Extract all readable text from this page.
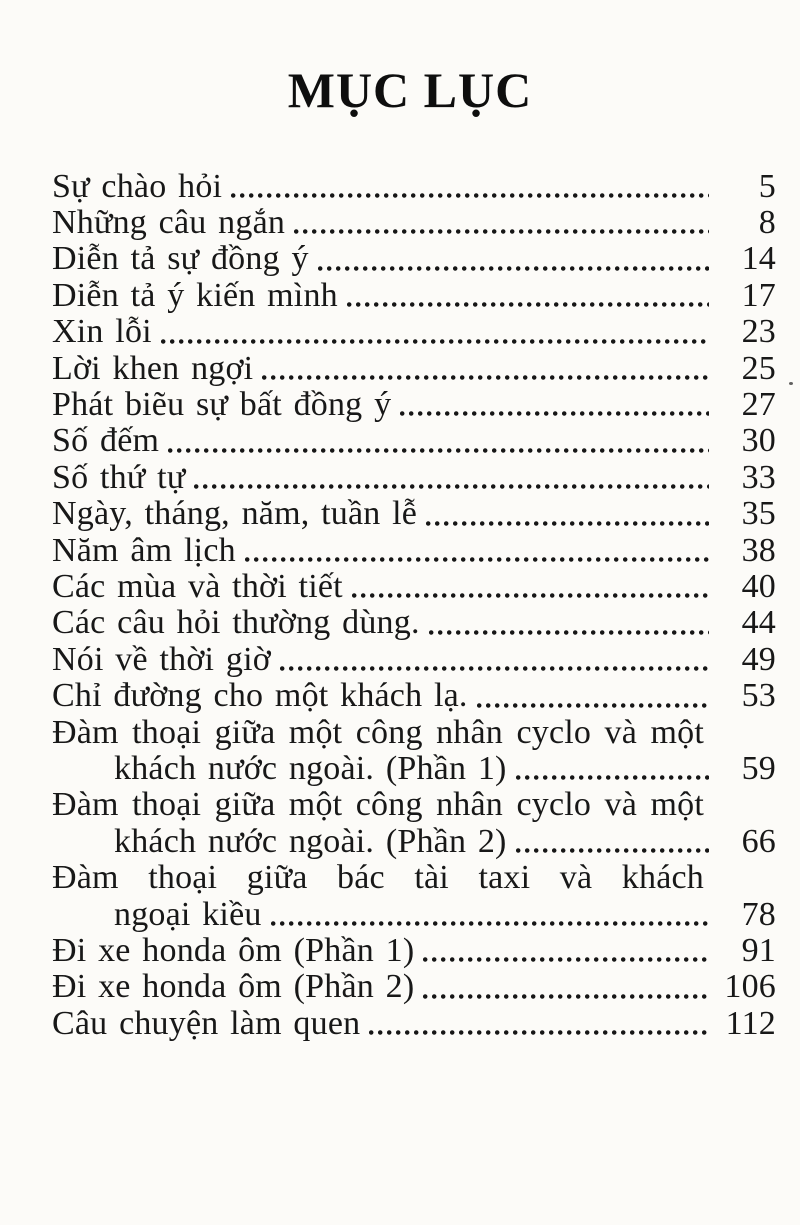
MỤC LỤC
Sự chào hỏi	5
Những câu ngắn	8
Diễn tả sự đồng ý	14
Diễn tả ý kiến mình	17
Xin lỗi	23
Lời khen ngợi	25
Phát biẽu sự bất đồng ý	27
Số đếm	30
Số thứ tự	33
Ngày, tháng, năm, tuần lễ	35
Năm âm lịch	38
Các mùa và thời tiết	40
Các câu hỏi thường dùng.	44
Nói về thời giờ	49
Chỉ đường cho một khách lạ.	53
Đàm thoại giữa một công nhân cyclo và một
khách nước ngoài. (Phần 1)	59
Đàm thoại giữa một công nhân cyclo và một
khách nước ngoài. (Phần 2)	66
Đàm thoại giữa bác tài taxi và khách
ngoại kiều	78
Đi xe honda ôm (Phần 1)	91
Đi xe honda ôm (Phần 2)	106
Câu chuyện làm quen	112
